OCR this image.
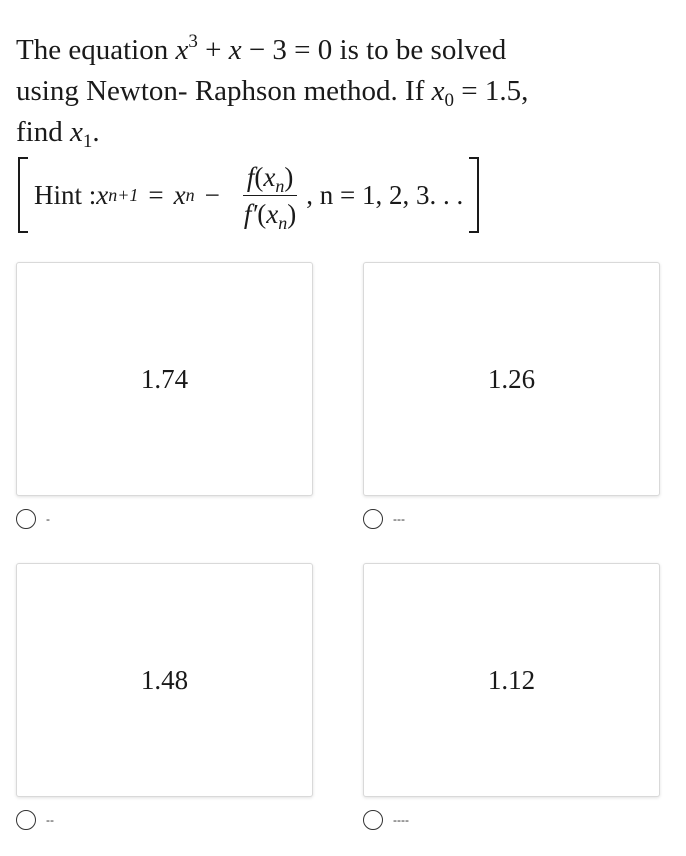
The equation $x^3 + x - 3 = 0$ is to be solved
using Newton- Raphson method. If $x_0 = 1.5$,
find $x_1$.
Hint : x n+1 = x $n - \frac{f(x_n)}{f'(x_n)}$ , n = 1, 2, 3. . .
1.74
-
1.26
---
1.48
--
1.12
----
